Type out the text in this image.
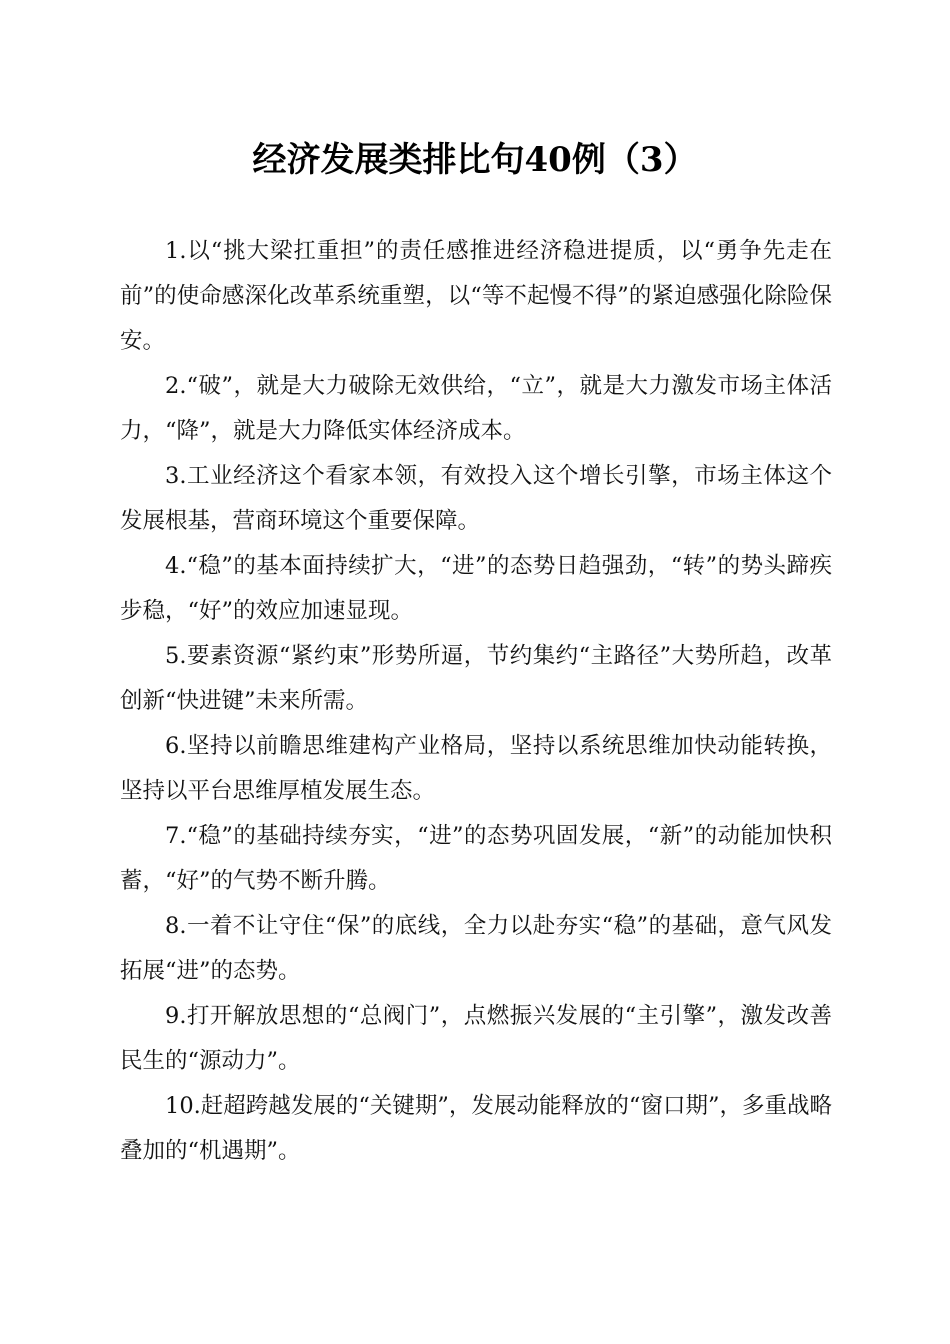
经济发展类排比句40例（3）

1.以“挑大梁扛重担”的责任感推进经济稳进提质，以“勇争先走在前”的使命感深化改革系统重塑，以“等不起慢不得”的紧迫感强化除险保安。

2.“破”，就是大力破除无效供给，“立”，就是大力激发市场主体活力，“降”，就是大力降低实体经济成本。

3.工业经济这个看家本领，有效投入这个增长引擎，市场主体这个发展根基，营商环境这个重要保障。

4.“稳”的基本面持续扩大，“进”的态势日趋强劲，“转”的势头蹄疾步稳，“好”的效应加速显现。

5.要素资源“紧约束”形势所逼，节约集约“主路径”大势所趋，改革创新“快进键”未来所需。

6.坚持以前瞻思维建构产业格局，坚持以系统思维加快动能转换，坚持以平台思维厚植发展生态。

7.“稳”的基础持续夯实，“进”的态势巩固发展，“新”的动能加快积蓄，“好”的气势不断升腾。

8.一着不让守住“保”的底线，全力以赴夯实“稳”的基础，意气风发拓展“进”的态势。

9.打开解放思想的“总阀门”，点燃振兴发展的“主引擎”，激发改善民生的“源动力”。

10.赶超跨越发展的“关键期”，发展动能释放的“窗口期”，多重战略叠加的“机遇期”。
